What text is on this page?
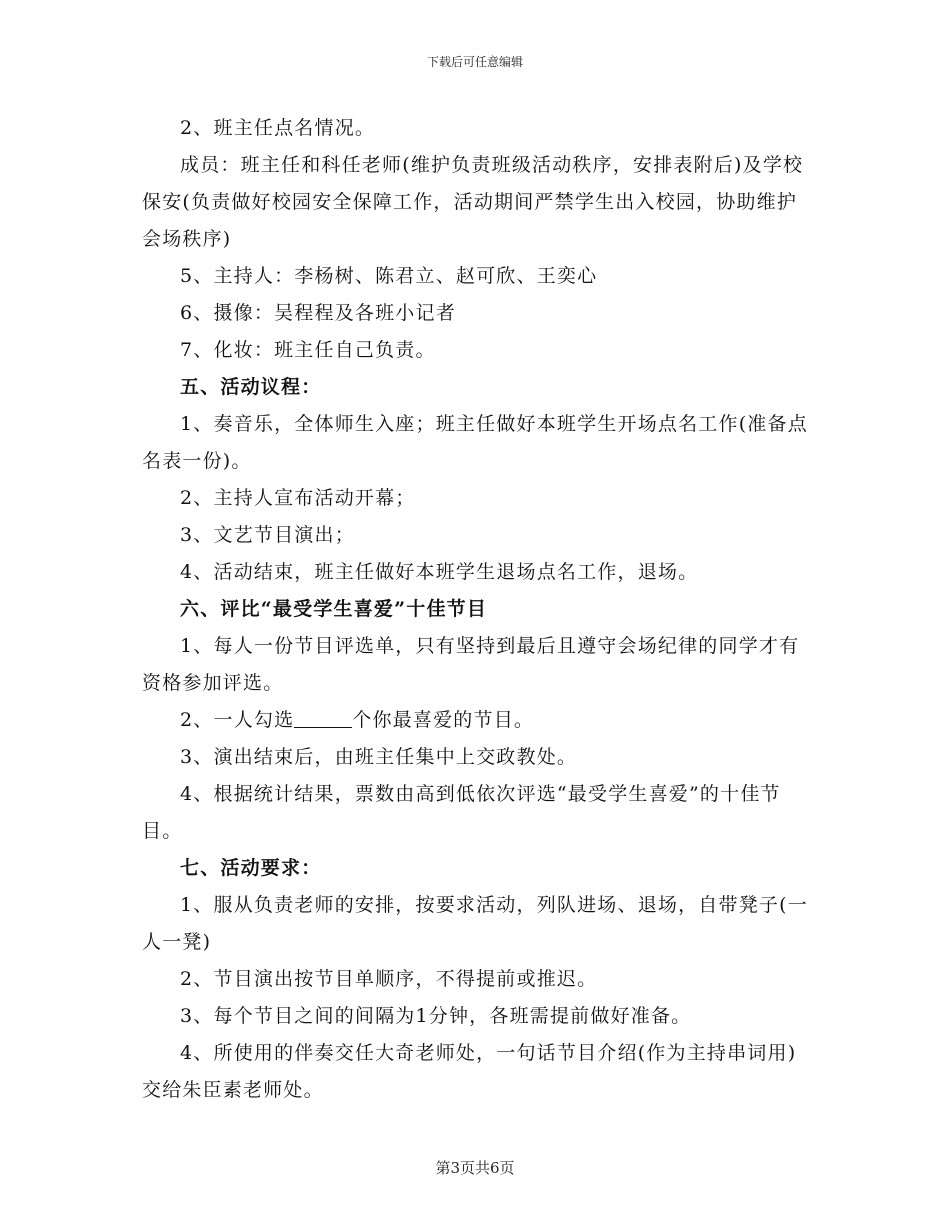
下载后可任意编辑

2、班主任点名情况。

成员：班主任和科任老师(维护负责班级活动秩序，安排表附后)及学校保安(负责做好校园安全保障工作，活动期间严禁学生出入校园，协助维护会场秩序)

5、主持人：李杨树、陈君立、赵可欣、王奕心

6、摄像：吴程程及各班小记者

7、化妆：班主任自己负责。

五、活动议程：

1、奏音乐，全体师生入座；班主任做好本班学生开场点名工作(准备点名表一份)。

2、主持人宣布活动开幕；

3、文艺节目演出；

4、活动结束，班主任做好本班学生退场点名工作，退场。

六、评比“最受学生喜爱”十佳节目

1、每人一份节目评选单，只有坚持到最后且遵守会场纪律的同学才有资格参加评选。

2、一人勾选	个你最喜爱的节目。

3、演出结束后，由班主任集中上交政教处。

4、根据统计结果，票数由高到低依次评选“最受学生喜爱”的十佳节目。

七、活动要求：

1、服从负责老师的安排，按要求活动，列队进场、退场，自带凳子(一人一凳)

2、节目演出按节目单顺序，不得提前或推迟。

3、每个节目之间的间隔为1分钟，各班需提前做好准备。

4、所使用的伴奏交任大奇老师处，一句话节目介绍(作为主持串词用)交给朱臣素老师处。

第3页共6页
